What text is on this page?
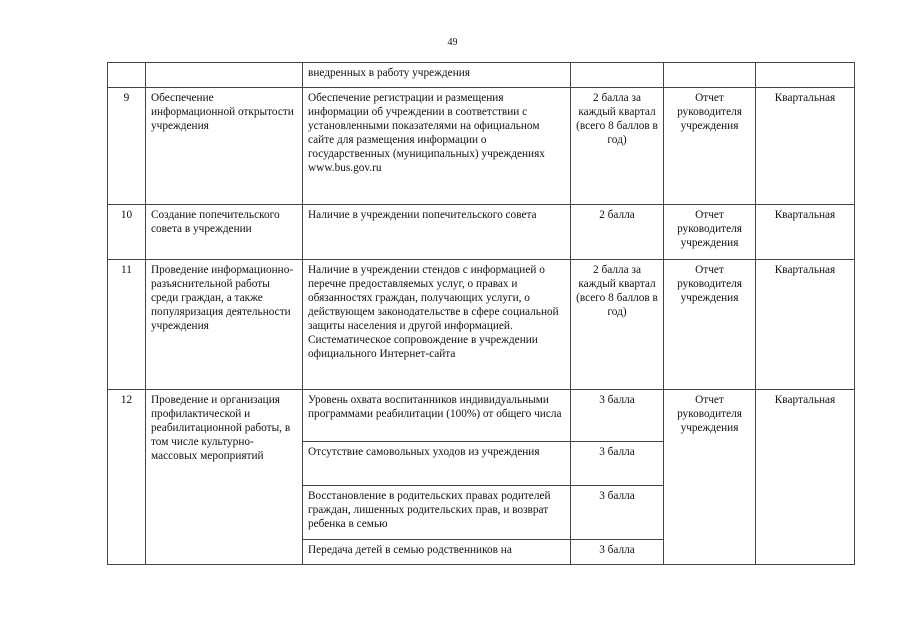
49

		внедренных в работу учреждения			

9	Обеспечение информационной открытости учреждения	Обеспечение регистрации и размещения информации об учреждении в соответствии с установленными показателями на официальном сайте для размещения информации о государственных (муниципальных) учреждениях www.bus.gov.ru	2 балла за каждый квартал (всего 8 баллов в год)	Отчет руководителя учреждения	Квартальная
10	Создание попечительского совета в учреждении	Наличие в учреждении попечительского совета	2 балла	Отчет руководителя учреждения	Квартальная
11	Проведение информационно-разъяснительной работы среди граждан, а также популяризация деятельности учреждения	Наличие в учреждении стендов с информацией о перечне предоставляемых услуг, о правах и обязанностях граждан, получающих услуги, о действующем законодательстве в сфере социальной защиты населения и другой информацией. Систематическое сопровождение в учреждении официального Интернет-сайта	2 балла за каждый квартал (всего 8 баллов в год)	Отчет руководителя учреждения	Квартальная
12	Проведение и организация профилактической и реабилитационной работы, в том числе культурно-массовых мероприятий	Уровень охвата воспитанников индивидуальными программами реабилитации (100%) от общего числа	3 балла	Отчет руководителя учреждения	Квартальная
		Отсутствие самовольных уходов из учреждения	3 балла		
		Восстановление в родительских правах родителей граждан, лишенных родительских прав, и возврат ребенка в семью	3 балла		
		Передача детей в семью родственников на	3 балла		
